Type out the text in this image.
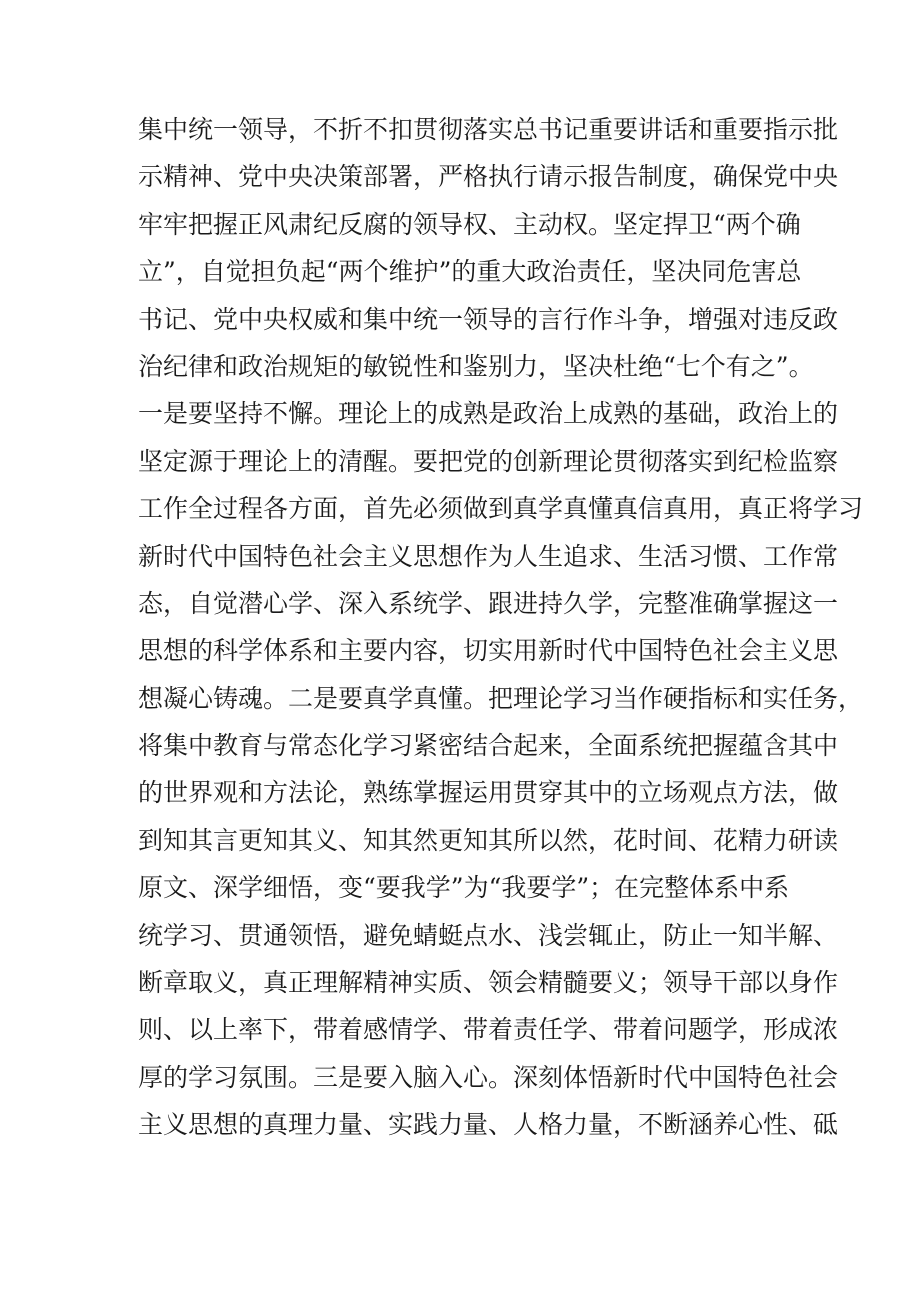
集中统一领导，不折不扣贯彻落实总书记重要讲话和重要指示批
示精神、党中央决策部署，严格执行请示报告制度，确保党中央
牢牢把握正风肃纪反腐的领导权、主动权。坚定捍卫“两个确
立”，自觉担负起“两个维护”的重大政治责任，坚决同危害总
书记、党中央权威和集中统一领导的言行作斗争，增强对违反政
治纪律和政治规矩的敏锐性和鉴别力，坚决杜绝“七个有之”。
一是要坚持不懈。理论上的成熟是政治上成熟的基础，政治上的
坚定源于理论上的清醒。要把党的创新理论贯彻落实到纪检监察
工作全过程各方面，首先必须做到真学真懂真信真用，真正将学习
新时代中国特色社会主义思想作为人生追求、生活习惯、工作常
态，自觉潜心学、深入系统学、跟进持久学，完整准确掌握这一
思想的科学体系和主要内容，切实用新时代中国特色社会主义思
想凝心铸魂。二是要真学真懂。把理论学习当作硬指标和实任务，
将集中教育与常态化学习紧密结合起来，全面系统把握蕴含其中
的世界观和方法论，熟练掌握运用贯穿其中的立场观点方法，做
到知其言更知其义、知其然更知其所以然，花时间、花精力研读
原文、深学细悟，变“要我学”为“我要学”；在完整体系中系
统学习、贯通领悟，避免蜻蜓点水、浅尝辄止，防止一知半解、
断章取义，真正理解精神实质、领会精髓要义；领导干部以身作
则、以上率下，带着感情学、带着责任学、带着问题学，形成浓
厚的学习氛围。三是要入脑入心。深刻体悟新时代中国特色社会
主义思想的真理力量、实践力量、人格力量，不断涵养心性、砥
